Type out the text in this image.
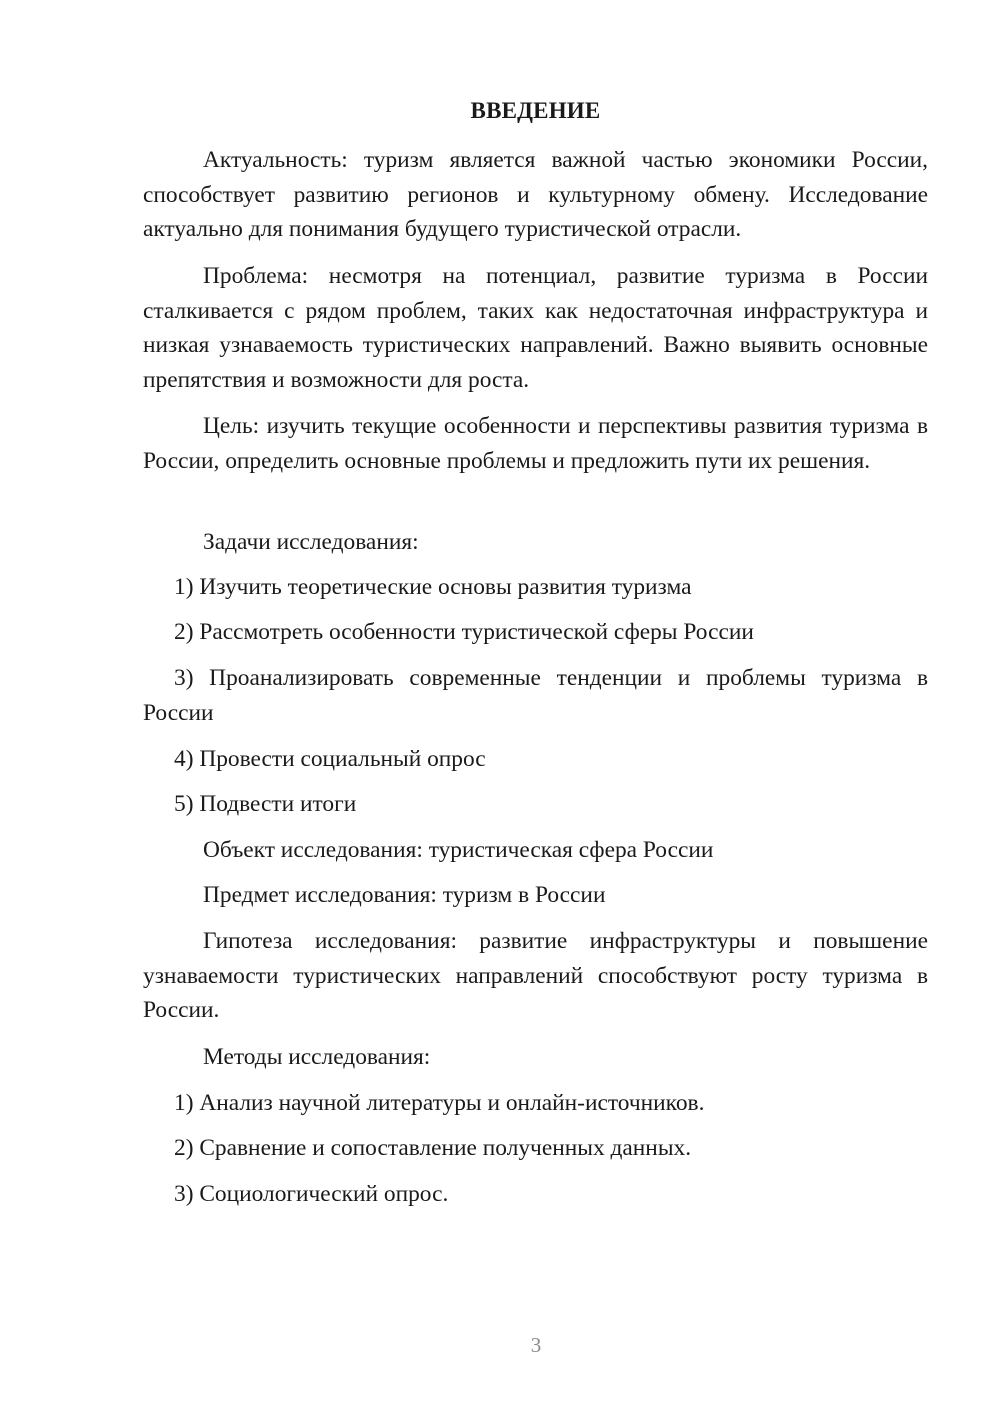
ВВЕДЕНИЕ

Актуальность: туризм является важной частью экономики России, способствует развитию регионов и культурному обмену. Исследование актуально для понимания будущего туристической отрасли.

Проблема: несмотря на потенциал, развитие туризма в России сталкивается с рядом проблем, таких как недостаточная инфраструктура и низкая узнаваемость туристических направлений. Важно выявить основные препятствия и возможности для роста.

Цель: изучить текущие особенности и перспективы развития туризма в России, определить основные проблемы и предложить пути их решения.

Задачи исследования:

1) Изучить теоретические основы развития туризма

2) Рассмотреть особенности туристической сферы России

3) Проанализировать современные тенденции и проблемы туризма в России

4) Провести социальный опрос

5) Подвести итоги

Объект исследования: туристическая сфера России

Предмет исследования: туризм в России

Гипотеза исследования: развитие инфраструктуры и повышение узнаваемости туристических направлений способствуют росту туризма в России.

Методы исследования:

1) Анализ научной литературы и онлайн-источников.

2) Сравнение и сопоставление полученных данных.

3) Социологический опрос.

3
